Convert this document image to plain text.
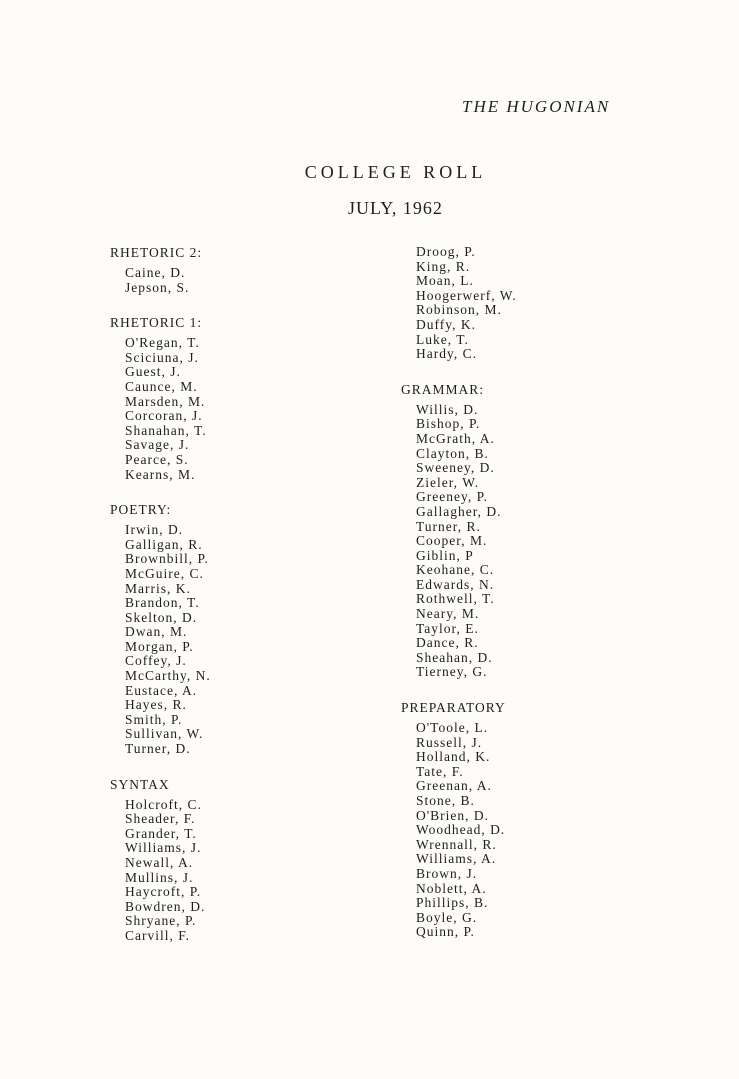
THE HUGONIAN
COLLEGE ROLL
JULY, 1962
RHETORIC 2:
Caine, D.
Jepson, S.
RHETORIC 1:
O'Regan, T.
Sciciuna, J.
Guest, J.
Caunce, M.
Marsden, M.
Corcoran, J.
Shanahan, T.
Savage, J.
Pearce, S.
Kearns, M.
POETRY:
Irwin, D.
Galligan, R.
Brownbill, P.
McGuire, C.
Marris, K.
Brandon, T.
Skelton, D.
Dwan, M.
Morgan, P.
Coffey, J.
McCarthy, N.
Eustace, A.
Hayes, R.
Smith, P.
Sullivan, W.
Turner, D.
SYNTAX
Holcroft, C.
Sheader, F.
Grander, T.
Williams, J.
Newall, A.
Mullins, J.
Haycroft, P.
Bowdren, D.
Shryane, P.
Carvill, F.
Droog, P.
King, R.
Moan, L.
Hoogerwerf, W.
Robinson, M.
Duffy, K.
Luke, T.
Hardy, C.
GRAMMAR:
Willis, D.
Bishop, P.
McGrath, A.
Clayton, B.
Sweeney, D.
Zieler, W.
Greeney, P.
Gallagher, D.
Turner, R.
Cooper, M.
Giblin, P
Keohane, C.
Edwards, N.
Rothwell, T.
Neary, M.
Taylor, E.
Dance, R.
Sheahan, D.
Tierney, G.
PREPARATORY
O'Toole, L.
Russell, J.
Holland, K.
Tate, F.
Greenan, A.
Stone, B.
O'Brien, D.
Woodhead, D.
Wrennall, R.
Williams, A.
Brown, J.
Noblett, A.
Phillips, B.
Boyle, G.
Quinn, P.
